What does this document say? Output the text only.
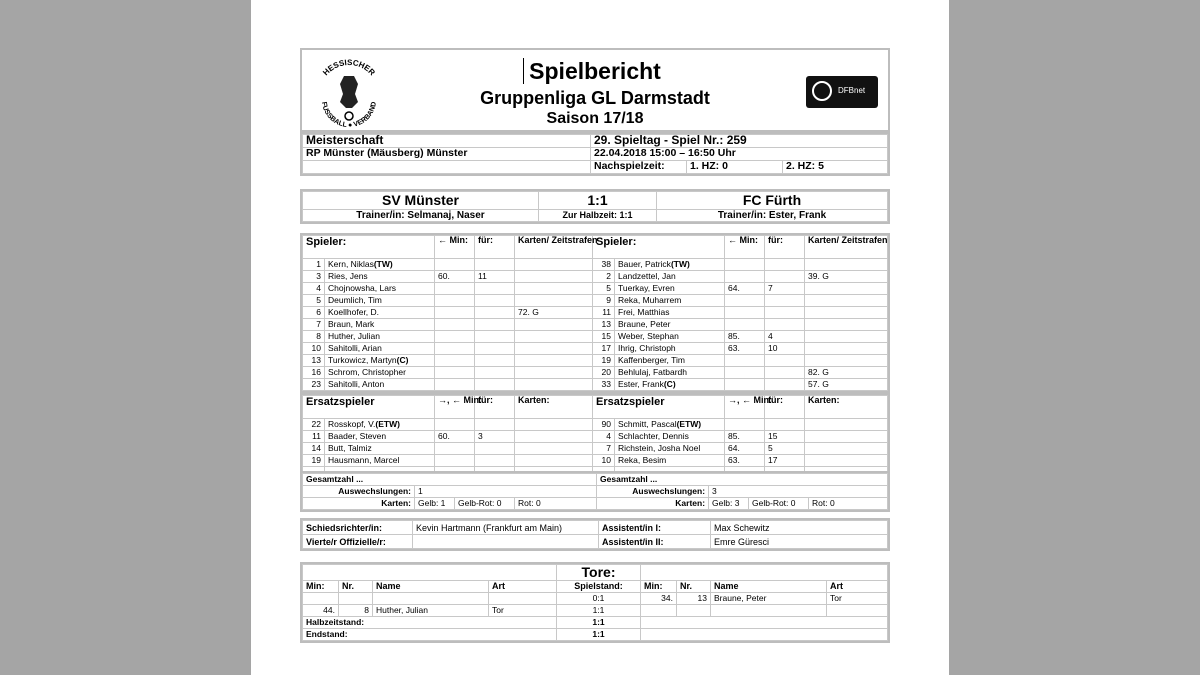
HESSISCHER
FUSSBALL ● VERBAND
Spielbericht
Gruppenliga GL Darmstadt
Saison 17/18
DFBnet
Meisterschaft	29. Spieltag - Spiel Nr.: 259		
RP Münster (Mäusberg) Münster	22.04.2018 15:00 – 16:50 Uhr		
	Nachspielzeit:	1. HZ: 0	2. HZ: 5
SV Münster	1:1	FC Fürth
Trainer/in: Selmanaj, Naser	Zur Halbzeit: 1:1	Trainer/in: Ester, Frank
Spieler:		← Min:	für:	Karten/ Zeitstrafen	Spieler:		← Min:	für:	Karten/ Zeitstrafen
1	Kern, Niklas(TW)				38	Bauer, Patrick(TW)			
3	Ries, Jens	60.	11		2	Landzettel, Jan			39. G
4	Chojnowsha, Lars				5	Tuerkay, Evren	64.	7	
5	Deumlich, Tim				9	Reka, Muharrem			
6	Koellhofer, D.			72. G	11	Frei, Matthias			
7	Braun, Mark				13	Braune, Peter			
8	Huther, Julian				15	Weber, Stephan	85.	4	
10	Sahitolli, Arian				17	Ihrig, Christoph	63.	10	
13	Turkowicz, Martyn(C)				19	Kaffenberger, Tim			
16	Schrom, Christopher				20	Behlulaj, Fatbardh			82. G
23	Sahitolli, Anton				33	Ester, Frank(C)			57. G
Ersatzspieler		→, ← Min:	für:	Karten:	Ersatzspieler		→, ← Min:	für:	Karten:
22	Rosskopf, V.(ETW)				90	Schmitt, Pascal(ETW)			
11	Baader, Steven	60.	3		4	Schlachter, Dennis	85.	15	
14	Butt, Talmiz				7	Richstein, Josha Noel	64.	5	
19	Hausmann, Marcel				10	Reka, Besim	63.	17	

Gesamtzahl ...				Gesamtzahl ...			
Auswechslungen:	1			Auswechslungen:	3		
Karten:	Gelb: 1	Gelb-Rot: 0	Rot: 0	Karten:	Gelb: 3	Gelb-Rot: 0	Rot: 0
Schiedsrichter/in:	Kevin Hartmann (Frankfurt am Main)	Assistent/in I:	Max Schewitz
Vierte/r Offizielle/r:		Assistent/in II:	Emre Güresci
				Tore:				
Min:	Nr.	Name	Art	Spielstand:	Min:	Nr.	Name	Art
				0:1	34.	13	Braune, Peter	Tor
44.	8	Huther, Julian	Tor	1:1				
Halbzeitstand:				1:1				
Endstand:				1:1				
